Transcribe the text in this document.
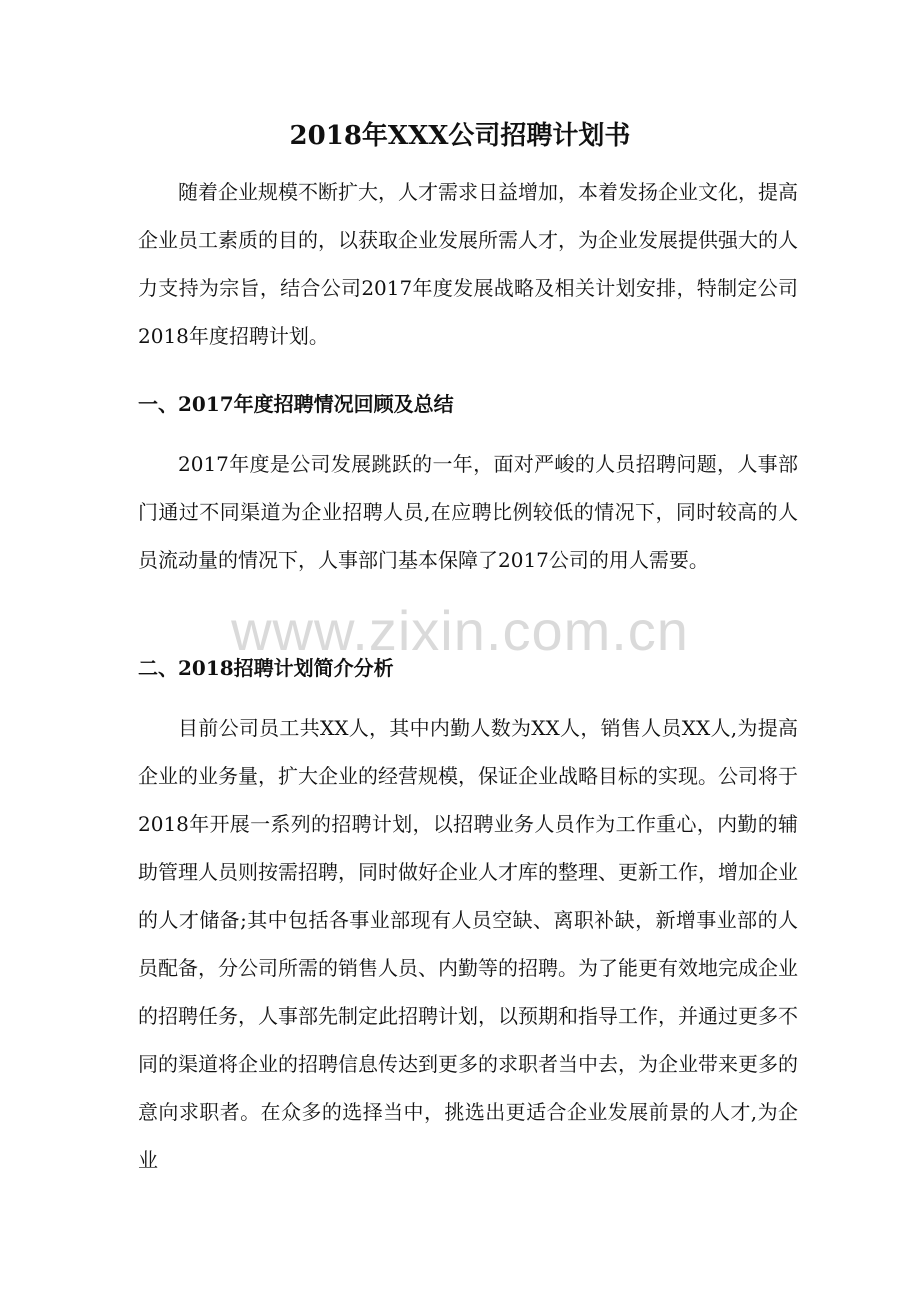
2018年XXX公司招聘计划书

随着企业规模不断扩大，人才需求日益增加，本着发扬企业文化，提高企业员工素质的目的，以获取企业发展所需人才，为企业发展提供强大的人力支持为宗旨，结合公司2017年度发展战略及相关计划安排，特制定公司2018年度招聘计划。

一、2017年度招聘情况回顾及总结

2017年度是公司发展跳跃的一年，面对严峻的人员招聘问题，人事部门通过不同渠道为企业招聘人员,在应聘比例较低的情况下，同时较高的人员流动量的情况下，人事部门基本保障了2017公司的用人需要。

二、2018招聘计划简介分析

目前公司员工共XX人，其中内勤人数为XX人，销售人员XX人,为提高企业的业务量，扩大企业的经营规模，保证企业战略目标的实现。公司将于2018年开展一系列的招聘计划，以招聘业务人员作为工作重心，内勤的辅助管理人员则按需招聘，同时做好企业人才库的整理、更新工作，增加企业的人才储备;其中包括各事业部现有人员空缺、离职补缺，新增事业部的人员配备，分公司所需的销售人员、内勤等的招聘。为了能更有效地完成企业的招聘任务，人事部先制定此招聘计划，以预期和指导工作，并通过更多不同的渠道将企业的招聘信息传达到更多的求职者当中去，为企业带来更多的意向求职者。在众多的选择当中，挑选出更适合企业发展前景的人才,为企业

www.zixin.com.cn
